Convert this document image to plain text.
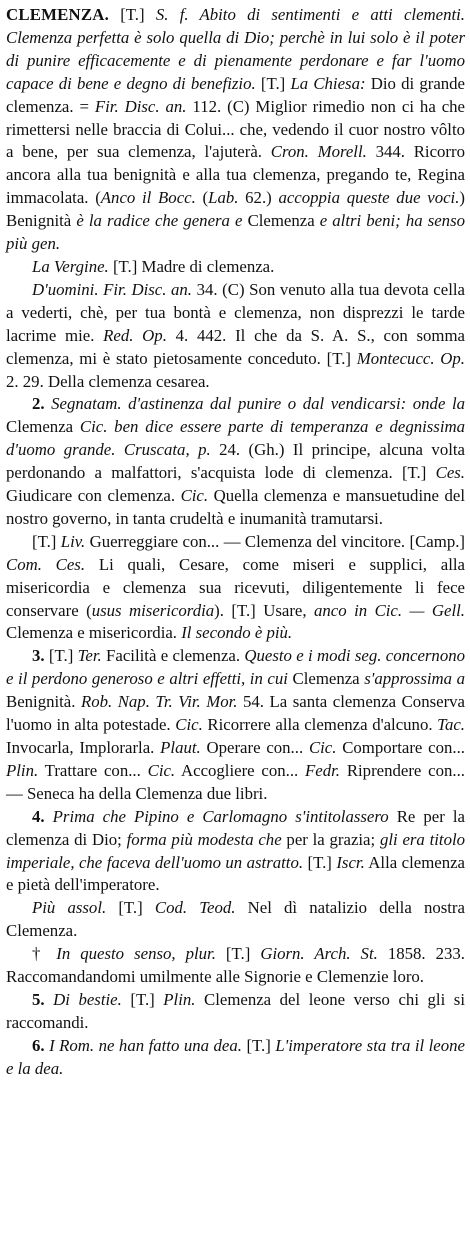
CLEMENZA. [T.] S. f. Abito di sentimenti e atti clementi. Clemenza perfetta è solo quella di Dio; perchè in lui solo è il poter di punire efficacemente e di pienamente perdonare e far l'uomo capace di bene e degno di benefizio. [T.] La Chiesa: Dio di grande clemenza. = Fir. Disc. an. 112. (C) Miglior rimedio non ci ha che rimettersi nelle braccia di Colui... che, vedendo il cuor nostro vôlto a bene, per sua clemenza, l'ajuterà. Cron. Morell. 344. Ricorro ancora alla tua benignità e alla tua clemenza, pregando te, Regina immacolata. (Anco il Bocc. (Lab. 62.) accoppia queste due voci.) Benignità è la radice che genera e Clemenza e altri beni; ha senso più gen.

La Vergine. [T.] Madre di clemenza.

D'uomini. Fir. Disc. an. 34. (C) Son venuto alla tua devota cella a vederti, chè, per tua bontà e clemenza, non disprezzi le tarde lacrime mie. Red. Op. 4. 442. Il che da S. A. S., con somma clemenza, mi è stato pietosamente conceduto. [T.] Montecucc. Op. 2. 29. Della clemenza cesarea.

2. Segnatam. d'astinenza dal punire o dal vendicarsi: onde la Clemenza Cic. ben dice essere parte di temperanza e degnissima d'uomo grande. Cruscata, p. 24. (Gh.) Il principe, alcuna volta perdonando a malfattori, s'acquista lode di clemenza. [T.] Ces. Giudicare con clemenza. Cic. Quella clemenza e mansuetudine del nostro governo, in tanta crudeltà e inumanità tramutarsi.

[T.] Liv. Guerreggiare con... — Clemenza del vincitore. [Camp.] Com. Ces. Li quali, Cesare, come miseri e supplici, alla misericordia e clemenza sua ricevuti, diligentemente li fece conservare (usus misericordia). [T.] Usare, anco in Cic. — Gell. Clemenza e misericordia. Il secondo è più.

3. [T.] Ter. Facilità e clemenza. Questo e i modi seg. concernono e il perdono generoso e altri effetti, in cui Clemenza s'approssima a Benignità. Rob. Nap. Tr. Vir. Mor. 54. La santa clemenza Conserva l'uomo in alta potestade. Cic. Ricorrere alla clemenza d'alcuno. Tac. Invocarla, Implorarla. Plaut. Operare con... Cic. Comportare con... Plin. Trattare con... Cic. Accogliere con... Fedr. Riprendere con... — Seneca ha della Clemenza due libri.

4. Prima che Pipino e Carlomagno s'intitolassero Re per la clemenza di Dio; forma più modesta che per la grazia; gli era titolo imperiale, che faceva dell'uomo un astratto. [T.] Iscr. Alla clemenza e pietà dell'imperatore.

Più assol. [T.] Cod. Teod. Nel dì natalizio della nostra Clemenza.

† In questo senso, plur. [T.] Giorn. Arch. St. 1858. 233. Raccomandandomi umilmente alle Signorie e Clemenzie loro.

5. Di bestie. [T.] Plin. Clemenza del leone verso chi gli si raccomandi.

6. I Rom. ne han fatto una dea. [T.] L'imperatore sta tra il leone e la dea.
